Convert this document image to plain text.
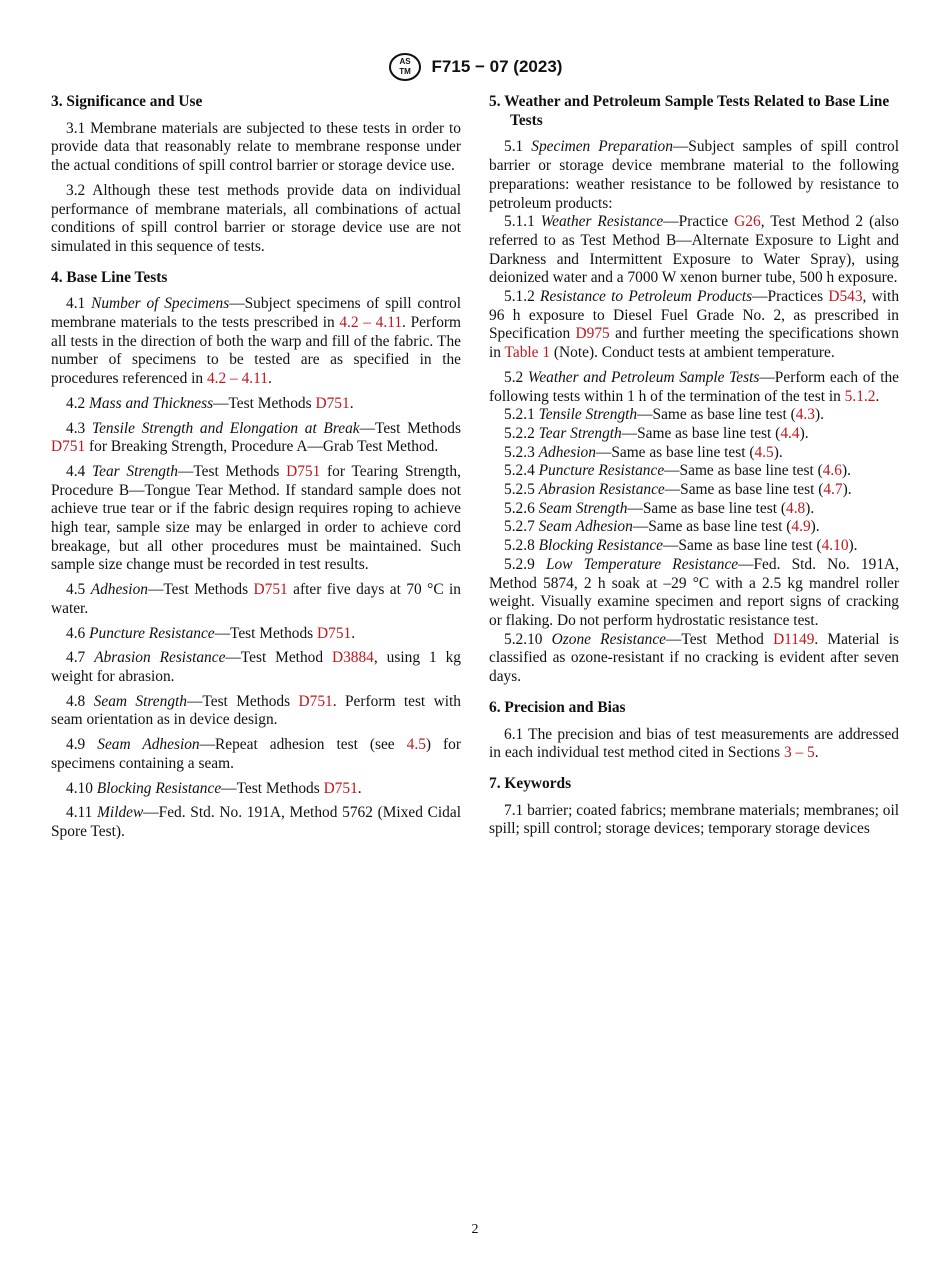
AS
TM F715 − 07 (2023)
3. Significance and Use

3.1 Membrane materials are subjected to these tests in order to provide data that reasonably relate to membrane response under the actual conditions of spill control barrier or storage device use.

3.2 Although these test methods provide data on individual performance of membrane materials, all combinations of actual conditions of spill control barrier or storage device use are not simulated in this sequence of tests.

4. Base Line Tests

4.1 Number of Specimens—Subject specimens of spill control membrane materials to the tests prescribed in 4.2 – 4.11. Perform all tests in the direction of both the warp and fill of the fabric. The number of specimens to be tested are as specified in the procedures referenced in 4.2 – 4.11.

4.2 Mass and Thickness—Test Methods D751.

4.3 Tensile Strength and Elongation at Break—Test Methods D751 for Breaking Strength, Procedure A—Grab Test Method.

4.4 Tear Strength—Test Methods D751 for Tearing Strength, Procedure B—Tongue Tear Method. If standard sample does not achieve true tear or if the fabric design requires roping to achieve high tear, sample size may be enlarged in order to achieve cord breakage, but all other procedures must be maintained. Such sample size change must be recorded in test results.

4.5 Adhesion—Test Methods D751 after five days at 70 °C in water.

4.6 Puncture Resistance—Test Methods D751.

4.7 Abrasion Resistance—Test Method D3884, using 1 kg weight for abrasion.

4.8 Seam Strength—Test Methods D751. Perform test with seam orientation as in device design.

4.9 Seam Adhesion—Repeat adhesion test (see 4.5) for specimens containing a seam.

4.10 Blocking Resistance—Test Methods D751.

4.11 Mildew—Fed. Std. No. 191A, Method 5762 (Mixed Cidal Spore Test).

5. Weather and Petroleum Sample Tests Related to Base Line Tests

5.1 Specimen Preparation—Subject samples of spill control barrier or storage device membrane material to the following preparations: weather resistance to be followed by resistance to petroleum products:

5.1.1 Weather Resistance—Practice G26, Test Method 2 (also referred to as Test Method B—Alternate Exposure to Light and Darkness and Intermittent Exposure to Water Spray), using deionized water and a 7000 W xenon burner tube, 500 h exposure.

5.1.2 Resistance to Petroleum Products—Practices D543, with 96 h exposure to Diesel Fuel Grade No. 2, as prescribed in Specification D975 and further meeting the specifications shown in Table 1 (Note). Conduct tests at ambient temperature.

5.2 Weather and Petroleum Sample Tests—Perform each of the following tests within 1 h of the termination of the test in 5.1.2.

5.2.1 Tensile Strength—Same as base line test (4.3).

5.2.2 Tear Strength—Same as base line test (4.4).

5.2.3 Adhesion—Same as base line test (4.5).

5.2.4 Puncture Resistance—Same as base line test (4.6).

5.2.5 Abrasion Resistance—Same as base line test (4.7).

5.2.6 Seam Strength—Same as base line test (4.8).

5.2.7 Seam Adhesion—Same as base line test (4.9).

5.2.8 Blocking Resistance—Same as base line test (4.10).

5.2.9 Low Temperature Resistance—Fed. Std. No. 191A, Method 5874, 2 h soak at –29 °C with a 2.5 kg mandrel roller weight. Visually examine specimen and report signs of cracking or flaking. Do not perform hydrostatic resistance test.

5.2.10 Ozone Resistance—Test Method D1149. Material is classified as ozone-resistant if no cracking is evident after seven days.

6. Precision and Bias

6.1 The precision and bias of test measurements are addressed in each individual test method cited in Sections 3 – 5.

7. Keywords

7.1 barrier; coated fabrics; membrane materials; membranes; oil spill; spill control; storage devices; temporary storage devices

2
